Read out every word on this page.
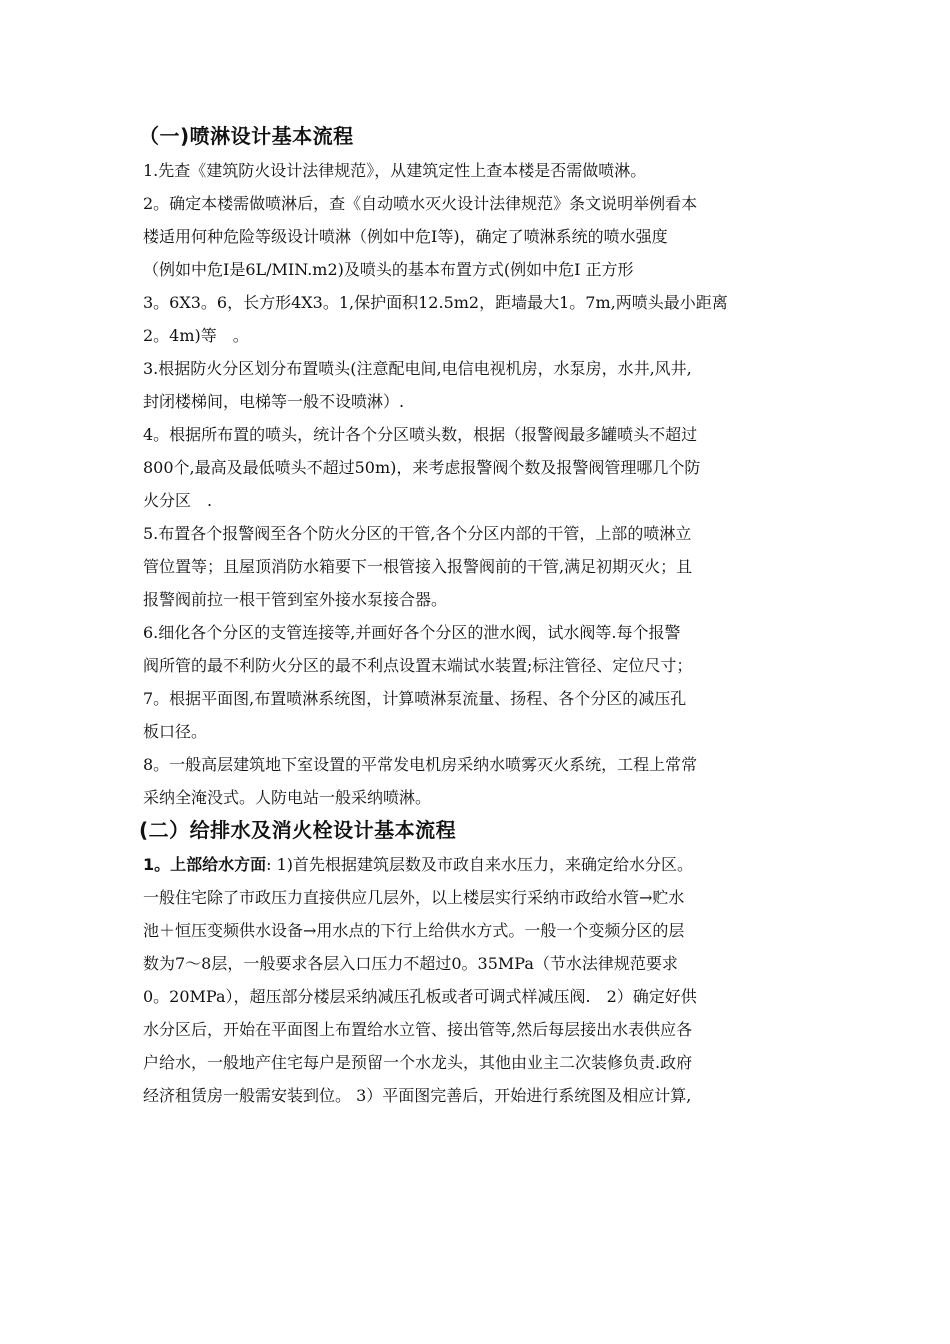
（一)喷淋设计基本流程
1.先查《建筑防火设计法律规范》，从建筑定性上查本楼是否需做喷淋。
2。确定本楼需做喷淋后，查《自动喷水灭火设计法律规范》条文说明举例看本
楼适用何种危险等级设计喷淋（例如中危Ⅰ等)，确定了喷淋系统的喷水强度
（例如中危Ⅰ是6L/MIN.m2)及喷头的基本布置方式(例如中危Ⅰ 正方形
3。6X3。6，长方形4X3。1,保护面积12.5m2，距墙最大1。7m,两喷头最小距离
2。4m)等　。
3.根据防火分区划分布置喷头(注意配电间,电信电视机房，水泵房，水井,风井,
封闭楼梯间，电梯等一般不设喷淋）.
4。根据所布置的喷头，统计各个分区喷头数，根据（报警阀最多罐喷头不超过
800个,最高及最低喷头不超过50m)，来考虑报警阀个数及报警阀管理哪几个防
火分区　.
5.布置各个报警阀至各个防火分区的干管,各个分区内部的干管，上部的喷淋立
管位置等；且屋顶消防水箱要下一根管接入报警阀前的干管,满足初期灭火；且
报警阀前拉一根干管到室外接水泵接合器。
6.细化各个分区的支管连接等,并画好各个分区的泄水阀，试水阀等.每个报警
阀所管的最不利防火分区的最不利点设置末端试水装置;标注管径、定位尺寸；
7。根据平面图,布置喷淋系统图，计算喷淋泵流量、扬程、各个分区的减压孔
板口径。
8。一般高层建筑地下室设置的平常发电机房采纳水喷雾灭火系统，工程上常常
采纳全淹没式。人防电站一般采纳喷淋。
(二）给排水及消火栓设计基本流程
1。上部给水方面: 1)首先根据建筑层数及市政自来水压力，来确定给水分区。
一般住宅除了市政压力直接供应几层外，以上楼层实行采纳市政给水管→贮水
池＋恒压变频供水设备→用水点的下行上给供水方式。一般一个变频分区的层
数为7～8层，一般要求各层入口压力不超过0。35MPa（节水法律规范要求
0。20MPa），超压部分楼层采纳减压孔板或者可调式样减压阀.　2）确定好供
水分区后，开始在平面图上布置给水立管、接出管等,然后每层接出水表供应各
户给水，一般地产住宅每户是预留一个水龙头，其他由业主二次装修负责.政府
经济租赁房一般需安装到位。 3）平面图完善后，开始进行系统图及相应计算,
